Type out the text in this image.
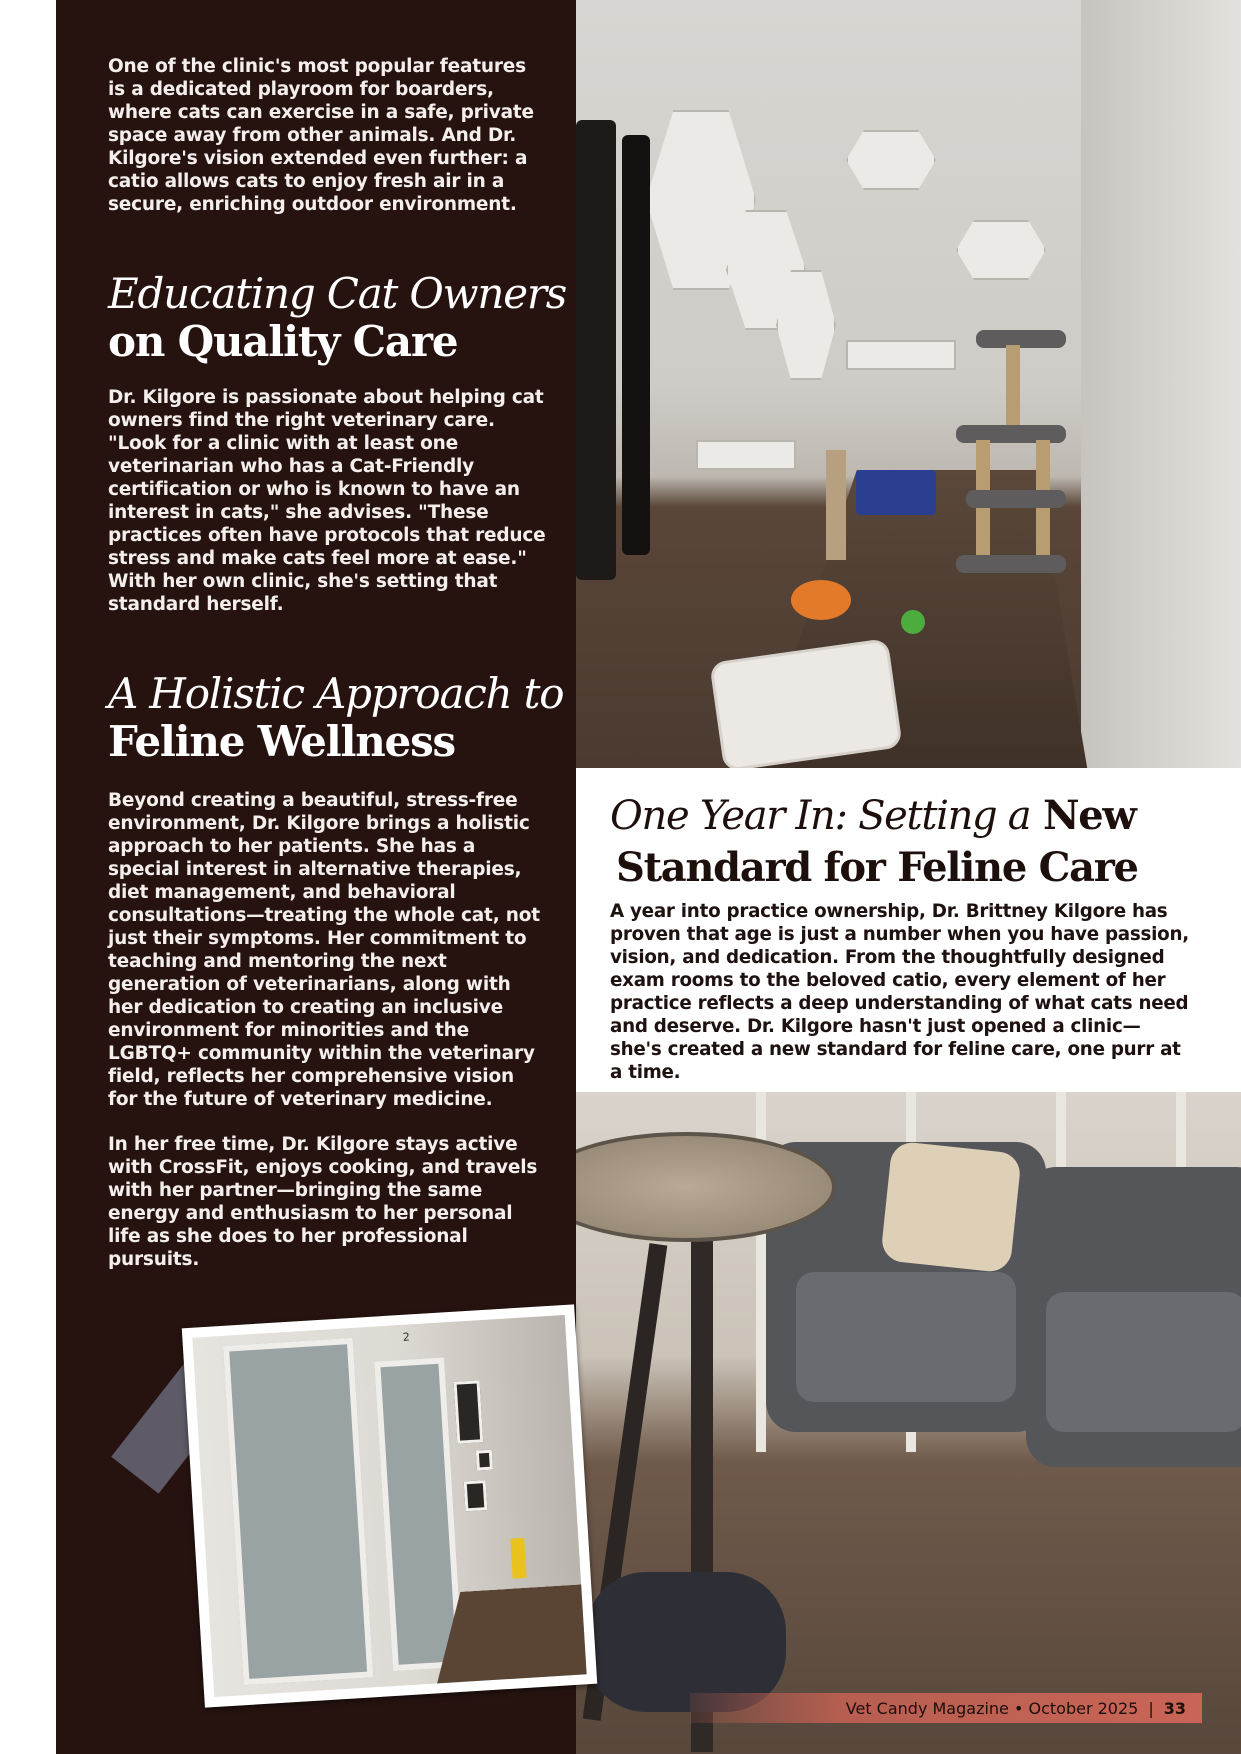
One of the clinic's most popular features is a dedicated playroom for boarders, where cats can exercise in a safe, private space away from other animals. And Dr. Kilgore's vision extended even further: a catio allows cats to enjoy fresh air in a secure, enriching outdoor environment.

Educating Cat Owners
on Quality Care

Dr. Kilgore is passionate about helping cat owners find the right veterinary care. "Look for a clinic with at least one veterinarian who has a Cat-Friendly certification or who is known to have an interest in cats," she advises. "These practices often have protocols that reduce stress and make cats feel more at ease." With her own clinic, she's setting that standard herself.

A Holistic Approach to
Feline Wellness

Beyond creating a beautiful, stress-free environment, Dr. Kilgore brings a holistic approach to her patients. She has a special interest in alternative therapies, diet management, and behavioral consultations—treating the whole cat, not just their symptoms. Her commitment to teaching and mentoring the next generation of veterinarians, along with her dedication to creating an inclusive environment for minorities and the LGBTQ+ community within the veterinary field, reflects her comprehensive vision for the future of veterinary medicine.

In her free time, Dr. Kilgore stays active with CrossFit, enjoys cooking, and travels with her partner—bringing the same energy and enthusiasm to her personal life as she does to her professional pursuits.

One Year In: Setting a New
Standard for Feline Care

A year into practice ownership, Dr. Brittney Kilgore has proven that age is just a number when you have passion, vision, and dedication. From the thoughtfully designed exam rooms to the beloved catio, every element of her practice reflects a deep understanding of what cats need and deserve. Dr. Kilgore hasn't just opened a clinic—she's created a new standard for feline care, one purr at a time.

2
Vet Candy Magazine • October 2025 | 33
